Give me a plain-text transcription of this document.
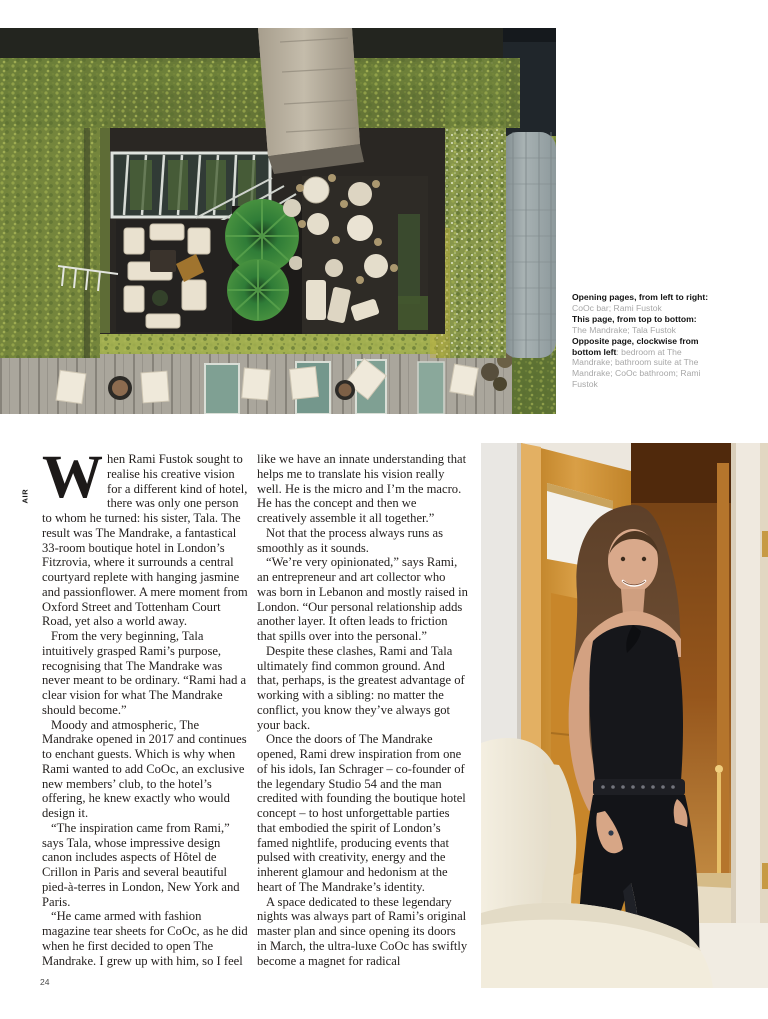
Opening pages, from left to right: CoOc bar; Rami Fustok

This page, from top to bottom: The Mandrake; Tala Fustok

Opposite page, clockwise from bottom left: bedroom at The Mandrake; bathroom suite at The Mandrake; CoOc bathroom; Rami Fustok

AIR When Rami Fustok sought to realise his creative vision for a different kind of hotel, there was only one person to whom he turned: his sister, Tala. The result was The Mandrake, a fantastical 33-room boutique hotel in London’s Fitzrovia, where it surrounds a central courtyard replete with hanging jasmine and passionflower. A mere moment from Oxford Street and Tottenham Court Road, yet also a world away.

From the very beginning, Tala intuitively grasped Rami’s purpose, recognising that The Mandrake was never meant to be ordinary. “Rami had a clear vision for what The Mandrake should become.”

Moody and atmospheric, The Mandrake opened in 2017 and continues to enchant guests. Which is why when Rami wanted to add CoOc, an exclusive new members’ club, to the hotel’s offering, he knew exactly who would design it.

“The inspiration came from Rami,” says Tala, whose impressive design canon includes aspects of Hôtel de Crillon in Paris and several beautiful pied-à-terres in London, New York and Paris.

“He came armed with fashion magazine tear sheets for CoOc, as he did when he first decided to open The Mandrake. I grew up with him, so I feel

like we have an innate understanding that helps me to translate his vision really well. He is the micro and I’m the macro. He has the concept and then we creatively assemble it all together.”

Not that the process always runs as smoothly as it sounds.

“We’re very opinionated,” says Rami, an entrepreneur and art collector who was born in Lebanon and mostly raised in London. “Our personal relationship adds another layer. It often leads to friction that spills over into the personal.”

Despite these clashes, Rami and Tala ultimately find common ground. And that, perhaps, is the greatest advantage of working with a sibling: no matter the conflict, you know they’ve always got your back.

Once the doors of The Mandrake opened, Rami drew inspiration from one of his idols, Ian Schrager – co-founder of the legendary Studio 54 and the man credited with founding the boutique hotel concept – to host unforgettable parties that embodied the spirit of London’s famed nightlife, producing events that pulsed with creativity, energy and the inherent glamour and hedonism at the heart of The Mandrake’s identity.

A space dedicated to these legendary nights was always part of Rami’s original master plan and since opening its doors in March, the ultra-luxe CoOc has swiftly become a magnet for radical

24
